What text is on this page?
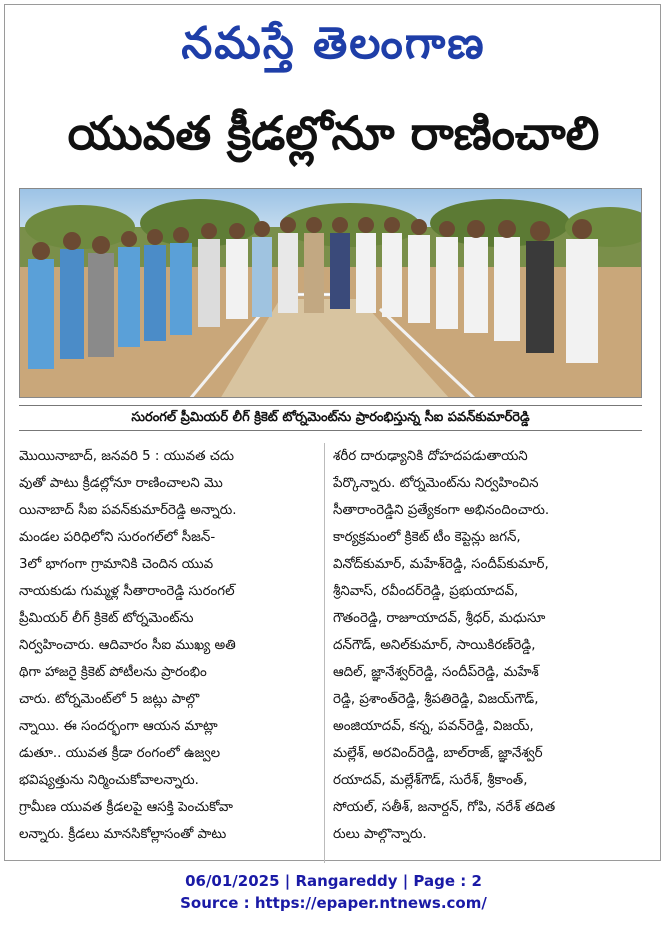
నమస్తే తెలంగాణ
యువత క్రీడల్లోనూ రాణించాలి
సురంగల్ ప్రీమియర్ లీగ్ క్రికెట్ టోర్నమెంట్‌ను ప్రారంభిస్తున్న సీఐ పవన్‌కుమార్‌రెడ్డి
మొయినాబాద్, జనవరి 5 : యువత చదు
వుతో పాటు క్రీడల్లోనూ రాణించాలని మొ
యినాబాద్ సీఐ పవన్‌కుమార్‌రెడ్డి అన్నారు.
మండల పరిధిలోని సురంగల్‌లో సీజన్-
3లో భాగంగా గ్రామానికి చెందిన యువ
నాయకుడు గుమ్మళ్ల సీతారాంరెడ్డి సురంగల్
ప్రీమియర్ లీగ్ క్రికెట్ టోర్నమెంట్‌ను
నిర్వహించారు. ఆదివారం సీఐ ముఖ్య అతి
థిగా హాజరై క్రికెట్ పోటీలను ప్రారంభిం
చారు. టోర్నమెంట్‌లో 5 జట్లు పాల్గొ
న్నాయి. ఈ సందర్భంగా ఆయన మాట్లా
డుతూ.. యువత క్రీడా రంగంలో ఉజ్వల
భవిష్యత్తును నిర్మించుకోవాలన్నారు.
గ్రామీణ యువత క్రీడలపై ఆసక్తి పెంచుకోవా
లన్నారు. క్రీడలు మానసికోల్లాసంతో పాటు
శరీర దారుఢ్యానికి దోహదపడుతాయని
పేర్కొన్నారు. టోర్నమెంట్‌ను నిర్వహించిన
సీతారాంరెడ్డిని ప్రత్యేకంగా అభినందించారు.
కార్యక్రమంలో క్రికెట్ టీం కెప్టెన్లు జగన్,
వినోద్‌కుమార్, మహేశ్‌రెడ్డి, సందీప్‌కుమార్,
శ్రీనివాస్, రవీందర్‌రెడ్డి, ప్రభుయాదవ్,
గౌతంరెడ్డి, రాజూయాదవ్, శ్రీధర్, మధుసూ
దన్‌గౌడ్, అనిల్‌కుమార్, సాయికిరణ్‌రెడ్డి,
ఆదిల్, జ్ఞానేశ్వర్‌రెడ్డి, సందీప్‌రెడ్డి, మహేశ్
రెడ్డి, ప్రశాంత్‌రెడ్డి, శ్రీపతిరెడ్డి, విజయ్‌గౌడ్,
అంజియాదవ్, కన్న, పవన్‌రెడ్డి, విజయ్,
మల్లేశ్, అరవింద్‌రెడ్డి, బాల్‌రాజ్, జ్ఞానేశ్వర్
రయాదవ్, మల్లేశ్‌గౌడ్, సురేశ్, శ్రీకాంత్,
సోయల్, సతీశ్, జనార్దన్, గోపి, నరేశ్ తదిత
రులు పాల్గొన్నారు.
06/01/2025 | Rangareddy | Page : 2
Source : https://epaper.ntnews.com/
